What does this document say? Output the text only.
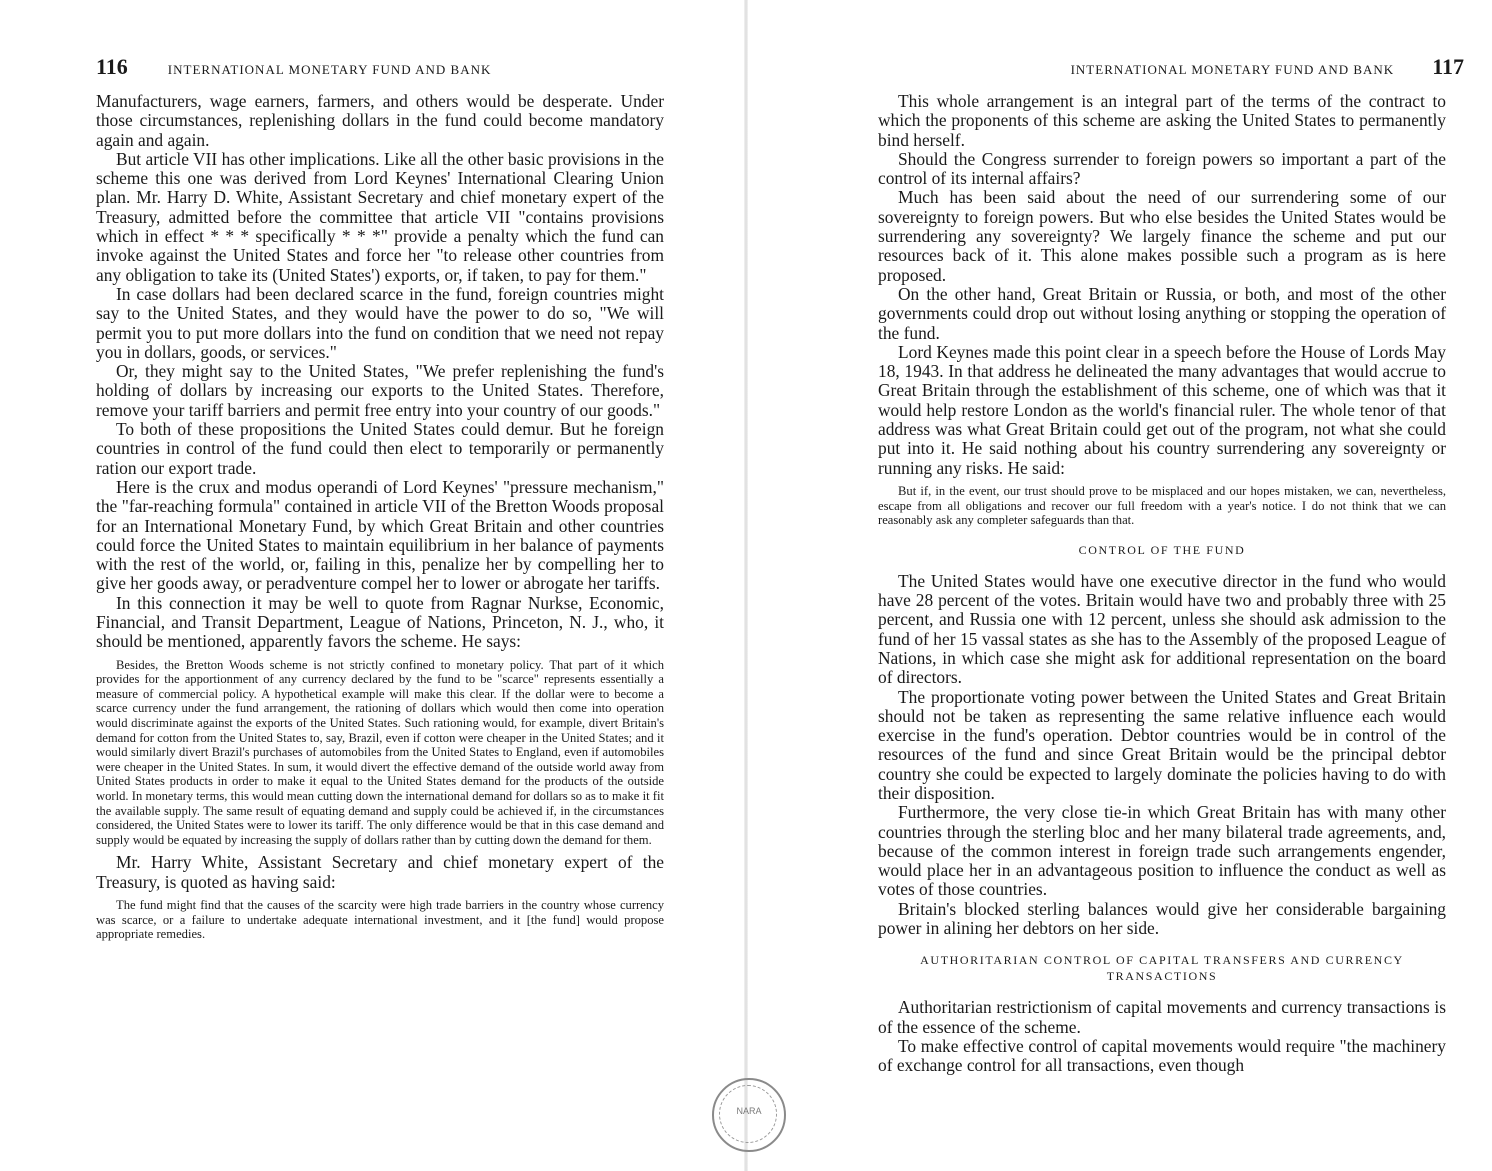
116	INTERNATIONAL MONETARY FUND AND BANK

Manufacturers, wage earners, farmers, and others would be desperate. Under those circumstances, replenishing dollars in the fund could become mandatory again and again.

But article VII has other implications. Like all the other basic provisions in the scheme this one was derived from Lord Keynes' International Clearing Union plan. Mr. Harry D. White, Assistant Secretary and chief monetary expert of the Treasury, admitted before the committee that article VII "contains provisions which in effect * * * specifically * * *" provide a penalty which the fund can invoke against the United States and force her "to release other countries from any obligation to take its (United States') exports, or, if taken, to pay for them."

In case dollars had been declared scarce in the fund, foreign countries might say to the United States, and they would have the power to do so, "We will permit you to put more dollars into the fund on condition that we need not repay you in dollars, goods, or services."

Or, they might say to the United States, "We prefer replenishing the fund's holding of dollars by increasing our exports to the United States. Therefore, remove your tariff barriers and permit free entry into your country of our goods."

To both of these propositions the United States could demur. But he foreign countries in control of the fund could then elect to temporarily or permanently ration our export trade.

Here is the crux and modus operandi of Lord Keynes' "pressure mechanism," the "far-reaching formula" contained in article VII of the Bretton Woods proposal for an International Monetary Fund, by which Great Britain and other countries could force the United States to maintain equilibrium in her balance of payments with the rest of the world, or, failing in this, penalize her by compelling her to give her goods away, or peradventure compel her to lower or abrogate her tariffs.

In this connection it may be well to quote from Ragnar Nurkse, Economic, Financial, and Transit Department, League of Nations, Princeton, N. J., who, it should be mentioned, apparently favors the scheme. He says:

Besides, the Bretton Woods scheme is not strictly confined to monetary policy. That part of it which provides for the apportionment of any currency declared by the fund to be "scarce" represents essentially a measure of commercial policy. A hypothetical example will make this clear. If the dollar were to become a scarce currency under the fund arrangement, the rationing of dollars which would then come into operation would discriminate against the exports of the United States. Such rationing would, for example, divert Britain's demand for cotton from the United States to, say, Brazil, even if cotton were cheaper in the United States; and it would similarly divert Brazil's purchases of automobiles from the United States to England, even if automobiles were cheaper in the United States. In sum, it would divert the effective demand of the outside world away from United States products in order to make it equal to the United States demand for the products of the outside world. In monetary terms, this would mean cutting down the international demand for dollars so as to make it fit the available supply. The same result of equating demand and supply could be achieved if, in the circumstances considered, the United States were to lower its tariff. The only difference would be that in this case demand and supply would be equated by increasing the supply of dollars rather than by cutting down the demand for them.

Mr. Harry White, Assistant Secretary and chief monetary expert of the Treasury, is quoted as having said:

The fund might find that the causes of the scarcity were high trade barriers in the country whose currency was scarce, or a failure to undertake adequate international investment, and it [the fund] would propose appropriate remedies.

INTERNATIONAL MONETARY FUND AND BANK 117

This whole arrangement is an integral part of the terms of the contract to which the proponents of this scheme are asking the United States to permanently bind herself.

Should the Congress surrender to foreign powers so important a part of the control of its internal affairs?

Much has been said about the need of our surrendering some of our sovereignty to foreign powers. But who else besides the United States would be surrendering any sovereignty? We largely finance the scheme and put our resources back of it. This alone makes possible such a program as is here proposed.

On the other hand, Great Britain or Russia, or both, and most of the other governments could drop out without losing anything or stopping the operation of the fund.

Lord Keynes made this point clear in a speech before the House of Lords May 18, 1943. In that address he delineated the many advantages that would accrue to Great Britain through the establishment of this scheme, one of which was that it would help restore London as the world's financial ruler. The whole tenor of that address was what Great Britain could get out of the program, not what she could put into it. He said nothing about his country surrendering any sovereignty or running any risks. He said:

But if, in the event, our trust should prove to be misplaced and our hopes mistaken, we can, nevertheless, escape from all obligations and recover our full freedom with a year's notice. I do not think that we can reasonably ask any completer safeguards than that.

CONTROL OF THE FUND

The United States would have one executive director in the fund who would have 28 percent of the votes. Britain would have two and probably three with 25 percent, and Russia one with 12 percent, unless she should ask admission to the fund of her 15 vassal states as she has to the Assembly of the proposed League of Nations, in which case she might ask for additional representation on the board of directors.

The proportionate voting power between the United States and Great Britain should not be taken as representing the same relative influence each would exercise in the fund's operation. Debtor countries would be in control of the resources of the fund and since Great Britain would be the principal debtor country she could be expected to largely dominate the policies having to do with their disposition.

Furthermore, the very close tie-in which Great Britain has with many other countries through the sterling bloc and her many bilateral trade agreements, and, because of the common interest in foreign trade such arrangements engender, would place her in an advantageous position to influence the conduct as well as votes of those countries.

Britain's blocked sterling balances would give her considerable bargaining power in alining her debtors on her side.

AUTHORITARIAN CONTROL OF CAPITAL TRANSFERS AND CURRENCY TRANSACTIONS

Authoritarian restrictionism of capital movements and currency transactions is of the essence of the scheme.

To make effective control of capital movements would require "the machinery of exchange control for all transactions, even though

NARA
